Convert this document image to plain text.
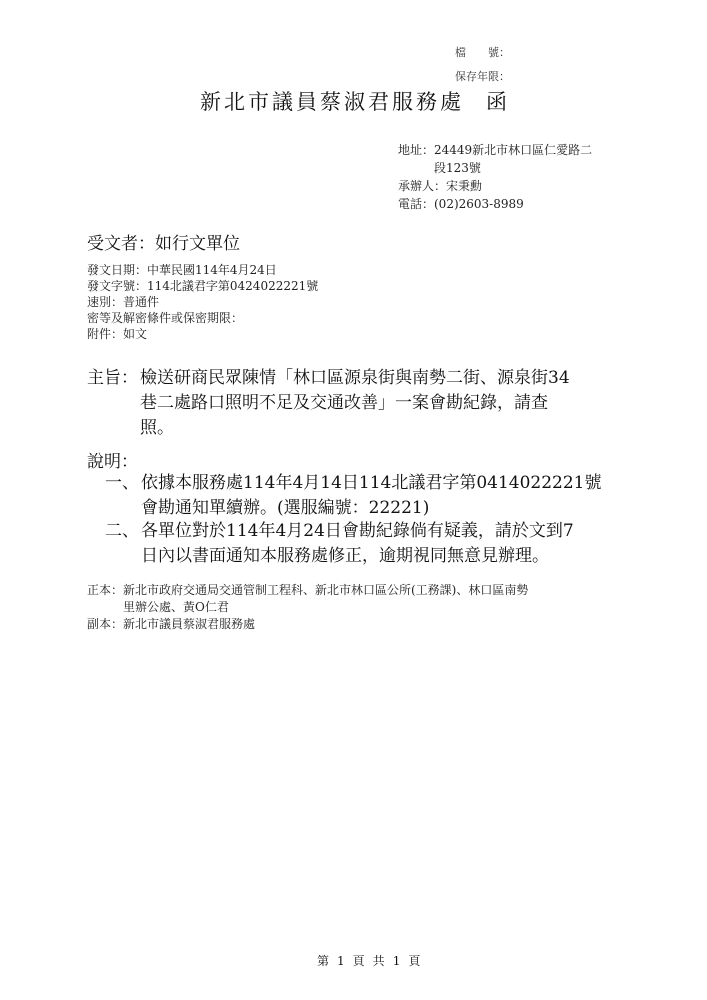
檔　　號：
保存年限：
新北市議員蔡淑君服務處 函
地址：24449新北市林口區仁愛路二
段123號
承辦人：宋秉勳
電話：(02)2603-8989
受文者：如行文單位
發文日期：中華民國114年4月24日
發文字號：114北議君字第0424022221號
速別：普通件
密等及解密條件或保密期限：
附件：如文
主旨： 檢送研商民眾陳情「林口區源泉街與南勢二街、源泉街34
巷二處路口照明不足及交通改善」一案會勘紀錄，請查
照。
說明：
一、 依據本服務處114年4月14日114北議君字第0414022221號
會勘通知單續辦。(選服編號：22221)
二、 各單位對於114年4月24日會勘紀錄倘有疑義，請於文到7
日內以書面通知本服務處修正，逾期視同無意見辦理。
正本：新北市政府交通局交通管制工程科、新北市林口區公所(工務課)、林口區南勢
里辦公處、黃O仁君
副本：新北市議員蔡淑君服務處
第 1 頁 共 1 頁
